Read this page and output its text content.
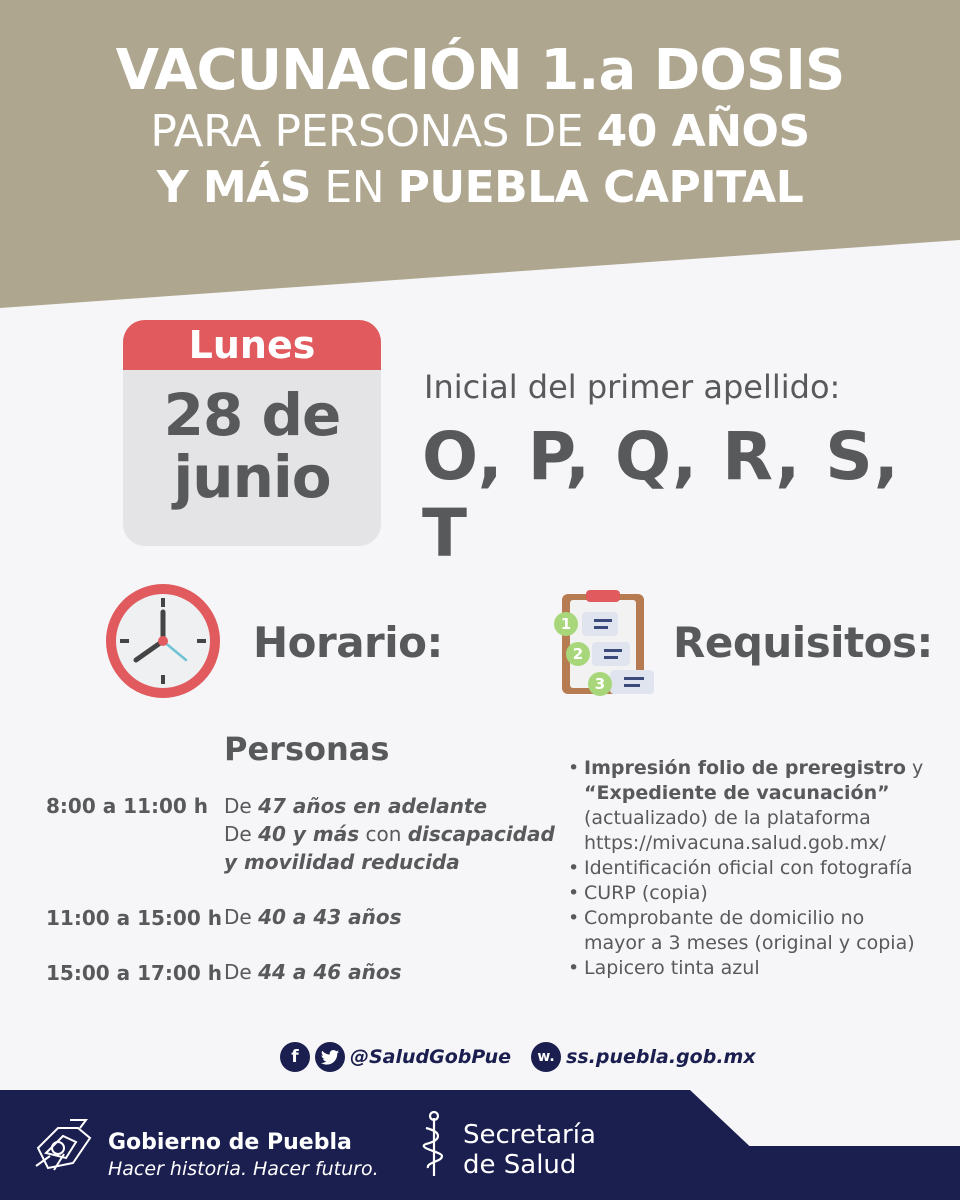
VACUNACIÓN 1.a DOSIS
PARA PERSONAS DE 40 AÑOS
Y MÁS EN PUEBLA CAPITAL
Lunes
28 de
junio
Inicial del primer apellido:
O, P, Q, R, S, T
Horario:	1
2
3
Requisitos:
Personas
8:00 a 11:00 h De 47 años en adelante
De 40 y más con discapacidad
y movilidad reducida
11:00 a 15:00 h De 40 a 43 años
15:00 a 17:00 h De 44 a 46 años
• Impresión folio de preregistro y
“Expediente de vacunación”
(actualizado) de la plataforma
https://mivacuna.salud.gob.mx/
• Identificación oficial con fotografía
• CURP (copia)
• Comprobante de domicilio no
mayor a 3 meses (original y copia)
• Lapicero tinta azul
f	@SaludGobPue	w. ss.puebla.gob.mx
Gobierno de Puebla
Hacer historia. Hacer futuro.
Secretaría
de Salud
